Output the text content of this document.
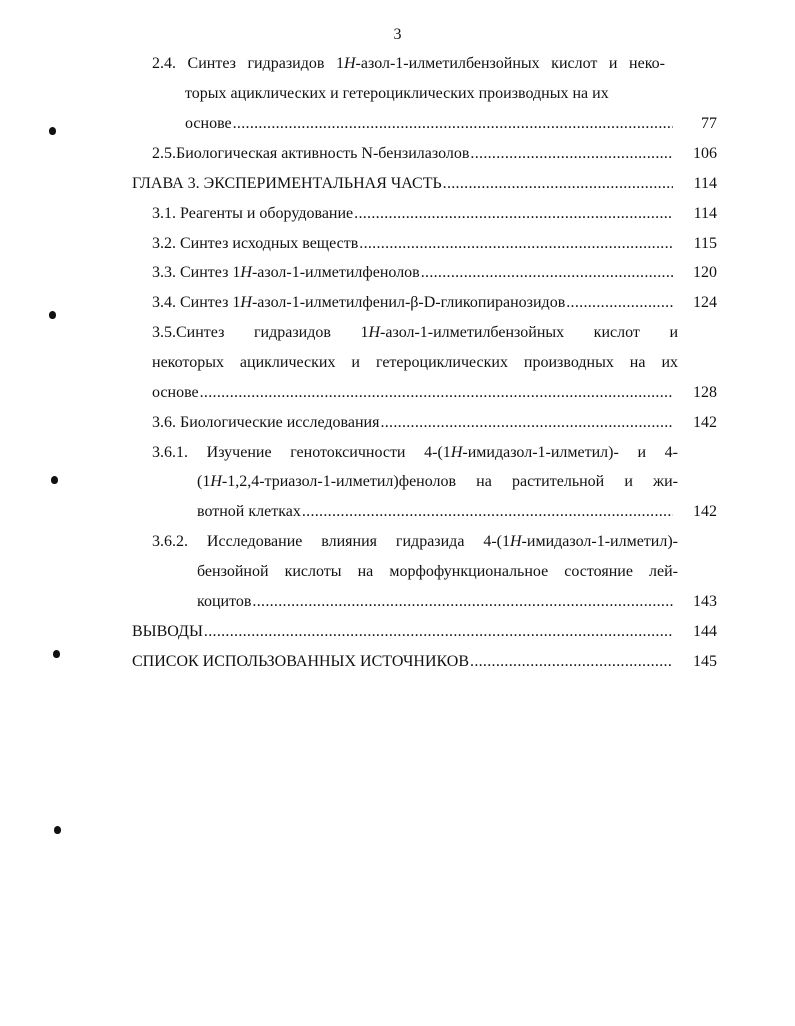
3
2.4. Синтез гидразидов 1H-азол-1-илметилбензойных кислот и неко-
торых ациклических и гетероциклических производных на их
основе .....	77
2.5.Биологическая активность N-бензилазолов .....	106
ГЛАВА 3. ЭКСПЕРИМЕНТАЛЬНАЯ ЧАСТЬ .....	114
3.1. Реагенты и оборудование .....	114
3.2. Синтез исходных веществ .....	115
3.3. Синтез 1H-азол-1-илметилфенолов .....	120
3.4. Синтез 1H-азол-1-илметилфенил-β-D-гликопиранозидов .....	124
3.5.Синтез гидразидов 1H-азол-1-илметилбензойных кислот и
некоторых ациклических и гетероциклических производных на их
основе .....	128
3.6. Биологические исследования .....	142
3.6.1. Изучение генотоксичности 4-(1H-имидазол-1-илметил)- и 4-
(1H-1,2,4-триазол-1-илметил)фенолов на растительной и жи-
вотной клетках .....	142
3.6.2. Исследование влияния гидразида 4-(1H-имидазол-1-илметил)-
бензойной кислоты на морфофункциональное состояние лей-
коцитов .....	143
ВЫВОДЫ .....	144
СПИСОК ИСПОЛЬЗОВАННЫХ ИСТОЧНИКОВ .....	145
